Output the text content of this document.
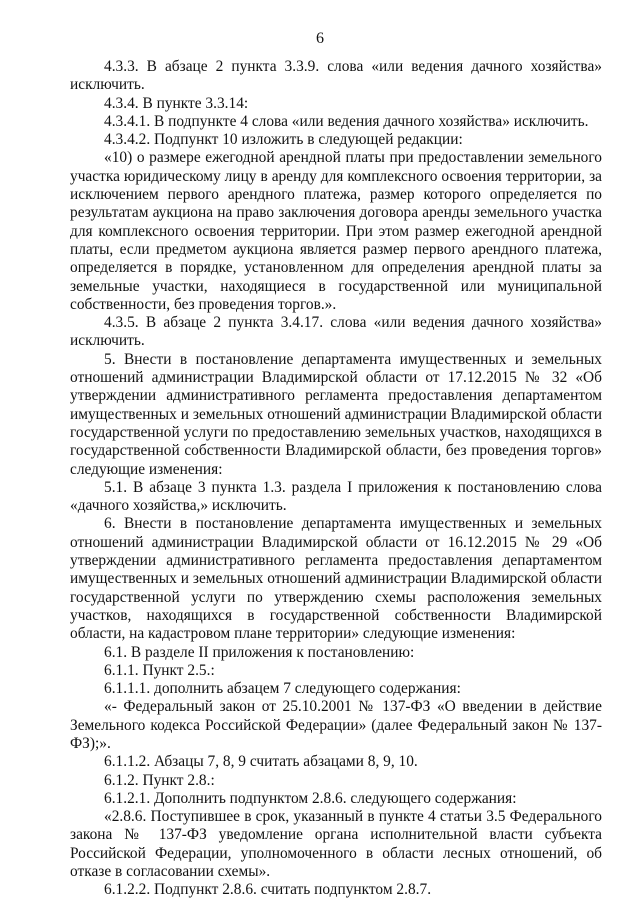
6

4.3.3. В абзаце 2 пункта 3.3.9. слова «или ведения дачного хозяйства» исключить.

4.3.4. В пункте 3.3.14:

4.3.4.1. В подпункте 4 слова «или ведения дачного хозяйства» исключить.

4.3.4.2. Подпункт 10 изложить в следующей редакции:

«10) о размере ежегодной арендной платы при предоставлении земельного участка юридическому лицу в аренду для комплексного освоения территории, за исключением первого арендного платежа, размер которого определяется по результатам аукциона на право заключения договора аренды земельного участка для комплексного освоения территории. При этом размер ежегодной арендной платы, если предметом аукциона является размер первого арендного платежа, определяется в порядке, установленном для определения арендной платы за земельные участки, находящиеся в государственной или муниципальной собственности, без проведения торгов.».

4.3.5. В абзаце 2 пункта 3.4.17. слова «или ведения дачного хозяйства» исключить.

5. Внести в постановление департамента имущественных и земельных отношений администрации Владимирской области от 17.12.2015 № 32 «Об утверждении административного регламента предоставления департаментом имущественных и земельных отношений администрации Владимирской области государственной услуги по предоставлению земельных участков, находящихся в государственной собственности Владимирской области, без проведения торгов» следующие изменения:

5.1. В абзаце 3 пункта 1.3. раздела I приложения к постановлению слова «дачного хозяйства,» исключить.

6. Внести в постановление департамента имущественных и земельных отношений администрации Владимирской области от 16.12.2015 № 29 «Об утверждении административного регламента предоставления департаментом имущественных и земельных отношений администрации Владимирской области государственной услуги по утверждению схемы расположения земельных участков, находящихся в государственной собственности Владимирской области, на кадастровом плане территории» следующие изменения:

6.1. В разделе II приложения к постановлению:

6.1.1. Пункт 2.5.:

6.1.1.1. дополнить абзацем 7 следующего содержания:

«- Федеральный закон от 25.10.2001 № 137-ФЗ «О введении в действие Земельного кодекса Российской Федерации» (далее Федеральный закон № 137-ФЗ);».

6.1.1.2. Абзацы 7, 8, 9 считать абзацами 8, 9, 10.

6.1.2. Пункт 2.8.:

6.1.2.1. Дополнить подпунктом 2.8.6. следующего содержания:

«2.8.6. Поступившее в срок, указанный в пункте 4 статьи 3.5 Федерального закона № 137-ФЗ уведомление органа исполнительной власти субъекта Российской Федерации, уполномоченного в области лесных отношений, об отказе в согласовании схемы».

6.1.2.2. Подпункт 2.8.6. считать подпунктом 2.8.7.
